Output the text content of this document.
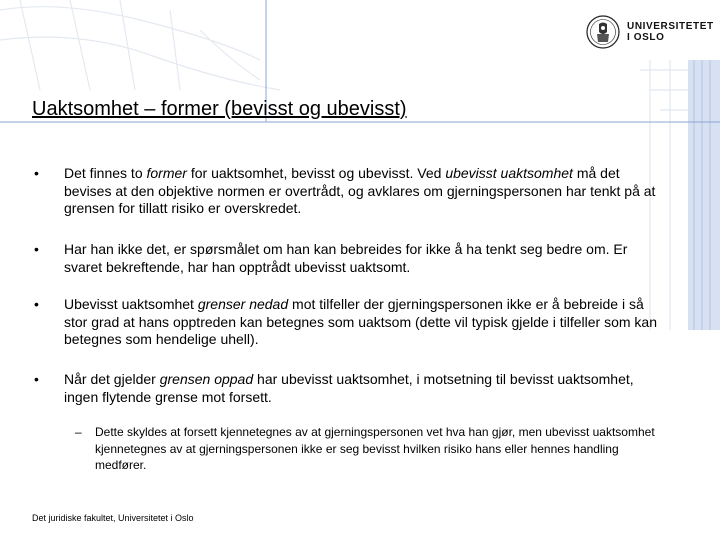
UNIVERSITETET
I OSLO
Uaktsomhet – former (bevisst og ubevisst)
• Det finnes to former for uaktsomhet, bevisst og ubevisst. Ved ubevisst uaktsomhet må det bevises at den objektive normen er overtrådt, og avklares om gjerningspersonen har tenkt på at grensen for tillatt risiko er overskredet.
• Har han ikke det, er spørsmålet om han kan bebreides for ikke å ha tenkt seg bedre om. Er svaret bekreftende, har han opptrådt ubevisst uaktsomt.
• Ubevisst uaktsomhet grenser nedad mot tilfeller der gjerningspersonen ikke er å bebreide i så stor grad at hans opptreden kan betegnes som uaktsom (dette vil typisk gjelde i tilfeller som kan betegnes som hendelige uhell).
• Når det gjelder grensen oppad har ubevisst uaktsomhet, i motsetning til bevisst uaktsomhet, ingen flytende grense mot forsett.
– Dette skyldes at forsett kjennetegnes av at gjerningspersonen vet hva han gjør, men ubevisst uaktsomhet kjennetegnes av at gjerningspersonen ikke er seg bevisst hvilken risiko hans eller hennes handling medfører.
Det juridiske fakultet, Universitetet i Oslo
